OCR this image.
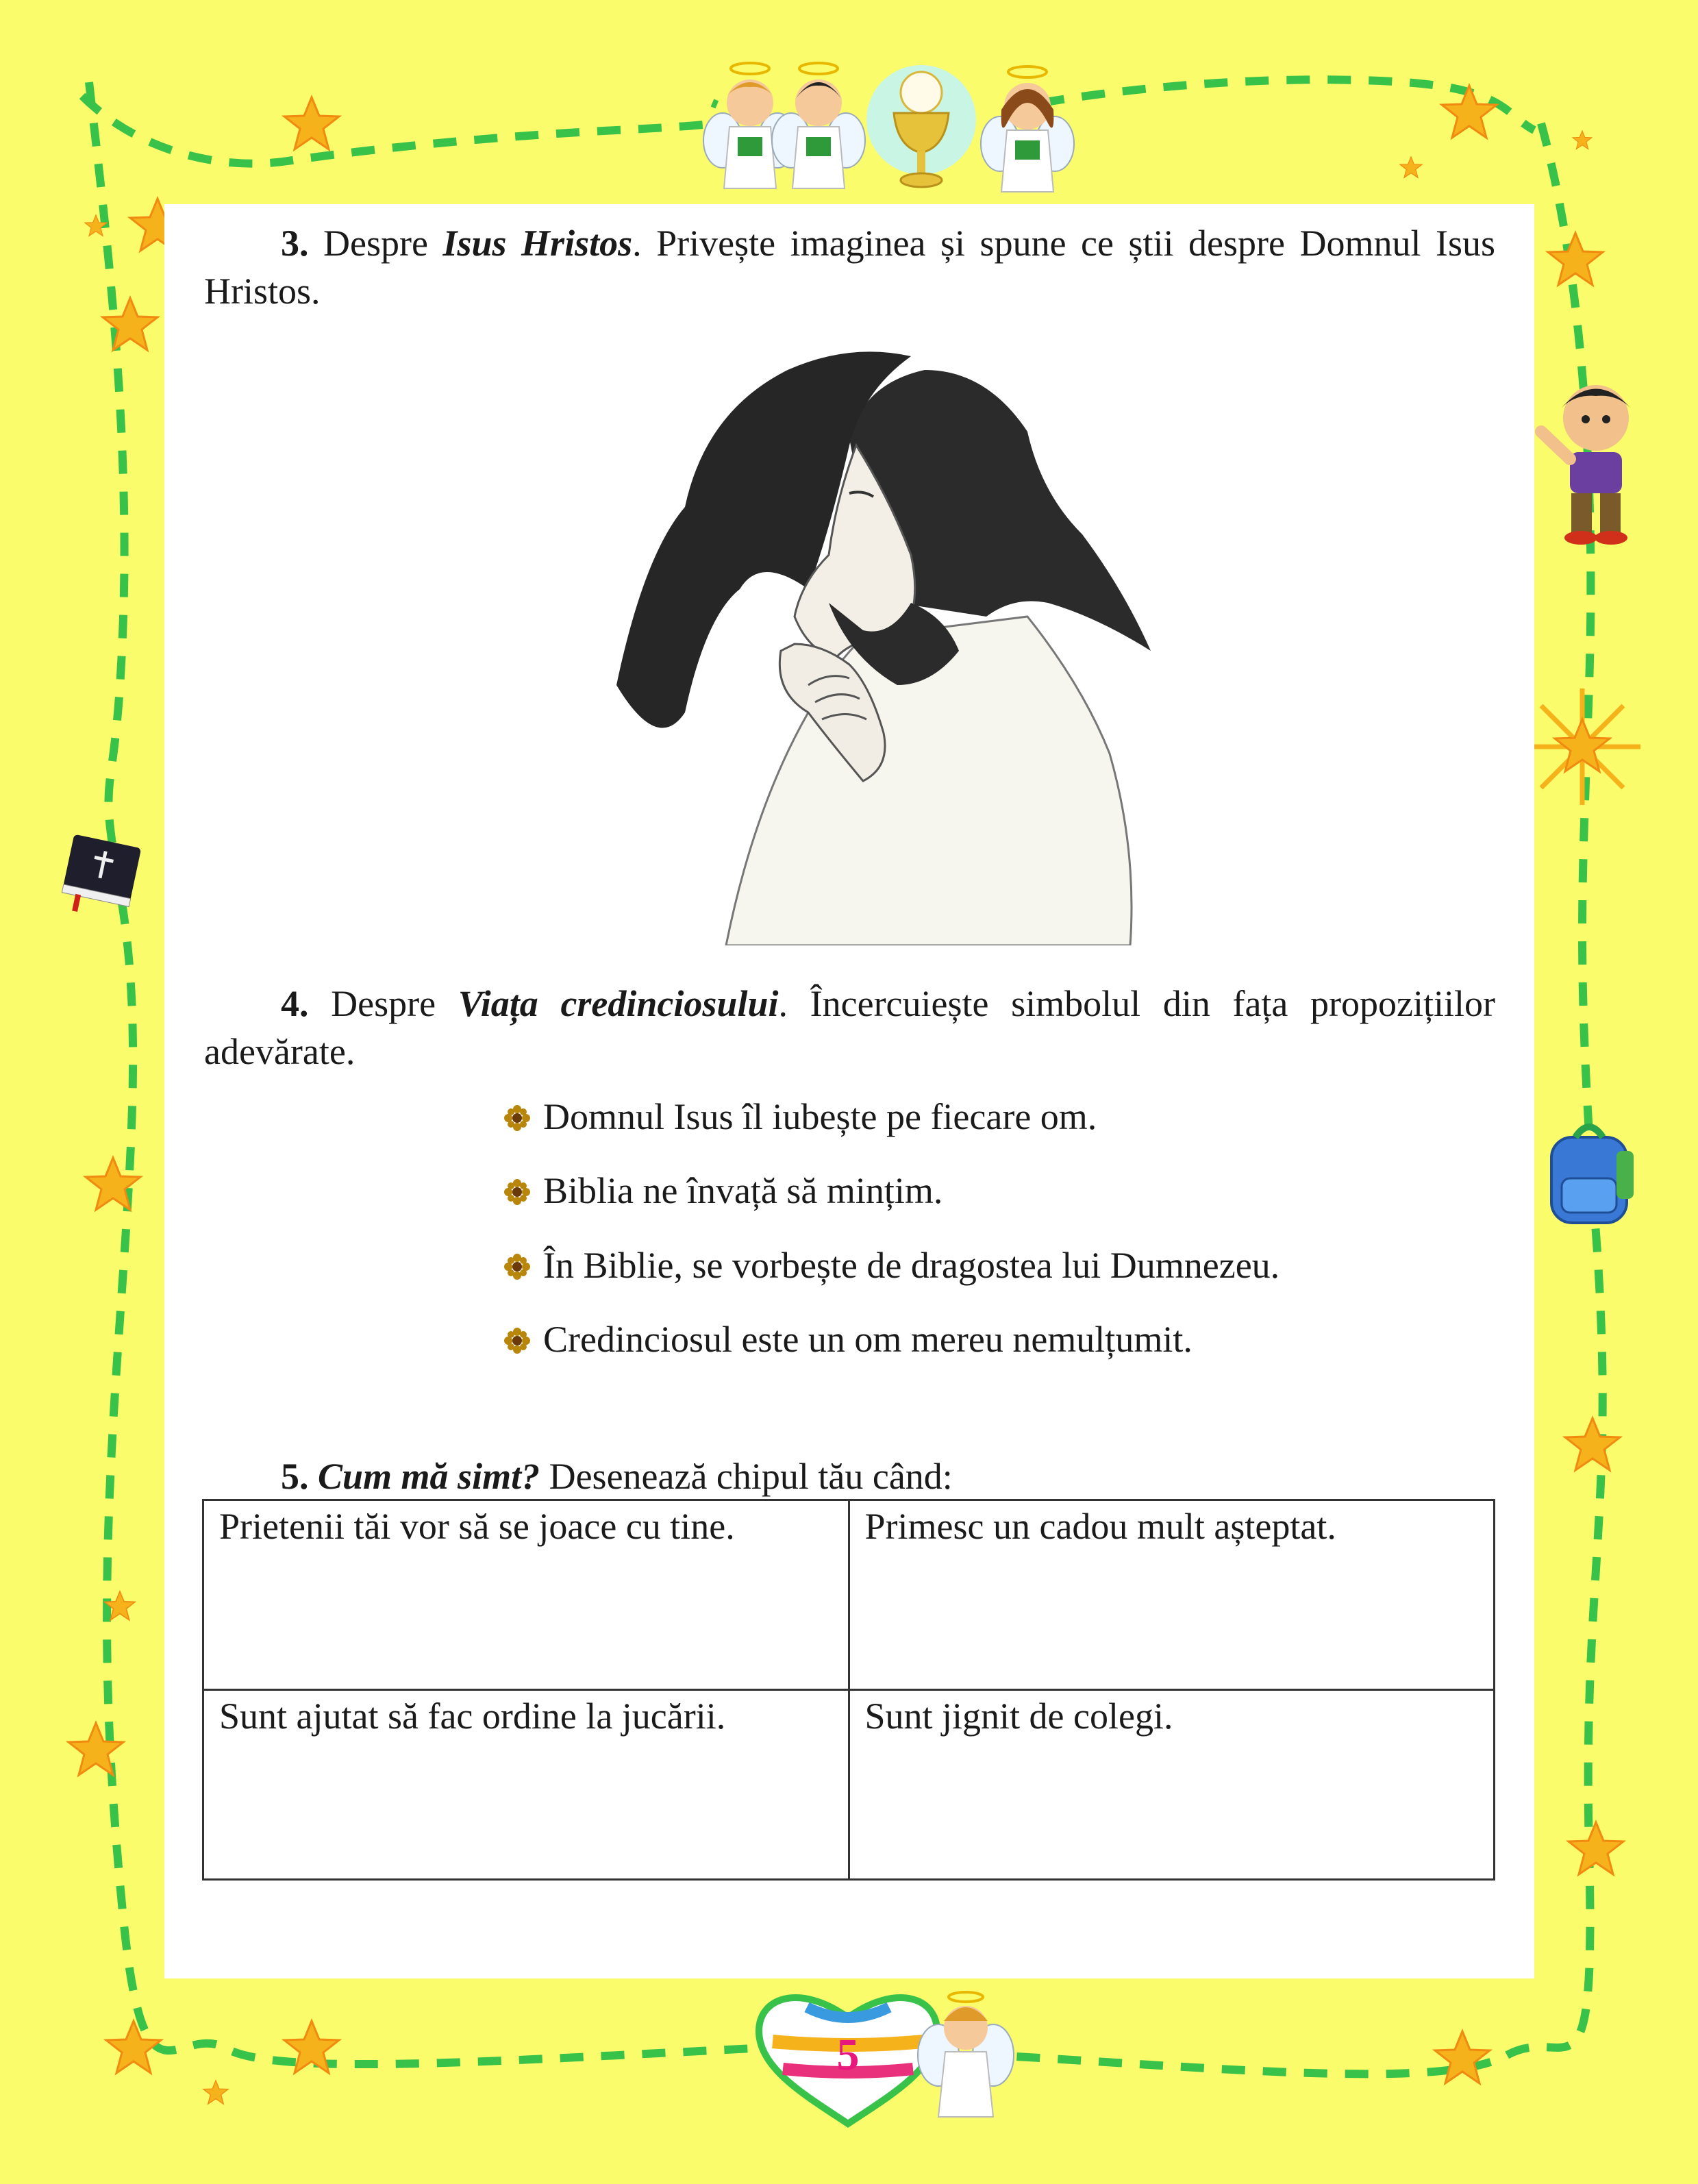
3. Despre Isus Hristos. Privește imaginea și spune ce știi despre Domnul Isus Hristos.

4. Despre Viața credinciosului. Încercuiește simbolul din fața propozițiilor adevărate.

Domnul Isus îl iubește pe fiecare om.
Biblia ne învață să mințim.
În Biblie, se vorbește de dragostea lui Dumnezeu.
Credinciosul este un om mereu nemulțumit.

5. Cum mă simt? Desenează chipul tău când:

Prietenii tăi vor să se joace cu tine.	Primesc un cadou mult așteptat.
Sunt ajutat să fac ordine la jucării.	Sunt jignit de colegi.
5
